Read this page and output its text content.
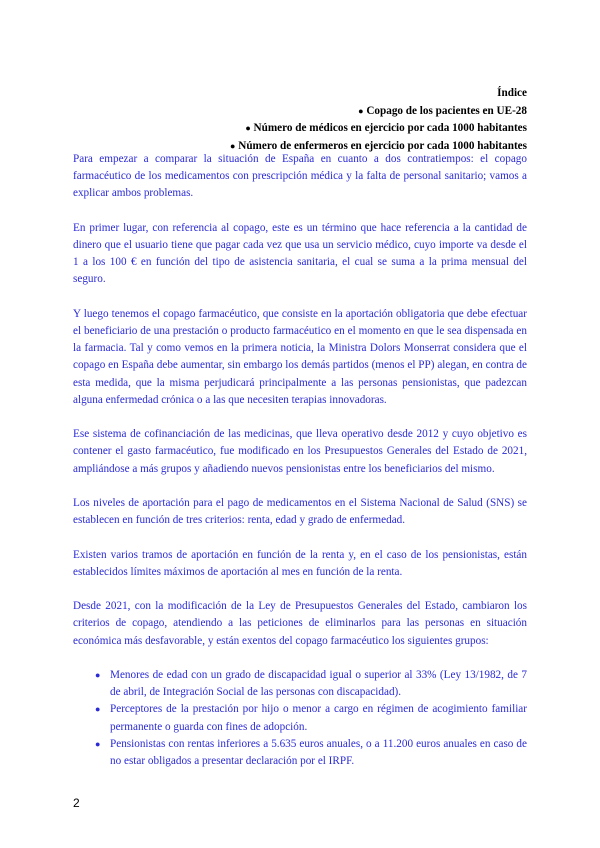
Índice
● Copago de los pacientes en UE-28
● Número de médicos en ejercicio por cada 1000 habitantes
● Número de enfermeros en ejercicio por cada 1000 habitantes

Para empezar a comparar la situación de España en cuanto a dos contratiempos: el copago farmacéutico de los medicamentos con prescripción médica y la falta de personal sanitario; vamos a explicar ambos problemas.

En primer lugar, con referencia al copago, este es un término que hace referencia a la cantidad de dinero que el usuario tiene que pagar cada vez que usa un servicio médico, cuyo importe va desde el 1 a los 100 € en función del tipo de asistencia sanitaria, el cual se suma a la prima mensual del seguro.

Y luego tenemos el copago farmacéutico, que consiste en la aportación obligatoria que debe efectuar el beneficiario de una prestación o producto farmacéutico en el momento en que le sea dispensada en la farmacia. Tal y como vemos en la primera noticia, la Ministra Dolors Monserrat considera que el copago en España debe aumentar, sin embargo los demás partidos (menos el PP) alegan, en contra de esta medida, que la misma perjudicará principalmente a las personas pensionistas, que padezcan alguna enfermedad crónica o a las que necesiten terapias innovadoras.

Ese sistema de cofinanciación de las medicinas, que lleva operativo desde 2012 y cuyo objetivo es contener el gasto farmacéutico, fue modificado en los Presupuestos Generales del Estado de 2021, ampliándose a más grupos y añadiendo nuevos pensionistas entre los beneficiarios del mismo.

Los niveles de aportación para el pago de medicamentos en el Sistema Nacional de Salud (SNS) se establecen en función de tres criterios: renta, edad y grado de enfermedad.

Existen varios tramos de aportación en función de la renta y, en el caso de los pensionistas, están establecidos límites máximos de aportación al mes en función de la renta.

Desde 2021, con la modificación de la Ley de Presupuestos Generales del Estado, cambiaron los criterios de copago, atendiendo a las peticiones de eliminarlos para las personas en situación económica más desfavorable, y están exentos del copago farmacéutico los siguientes grupos:

● Menores de edad con un grado de discapacidad igual o superior al 33% (Ley 13/1982, de 7 de abril, de Integración Social de las personas con discapacidad).
● Perceptores de la prestación por hijo o menor a cargo en régimen de acogimiento familiar permanente o guarda con fines de adopción.
● Pensionistas con rentas inferiores a 5.635 euros anuales, o a 11.200 euros anuales en caso de no estar obligados a presentar declaración por el IRPF.
2
